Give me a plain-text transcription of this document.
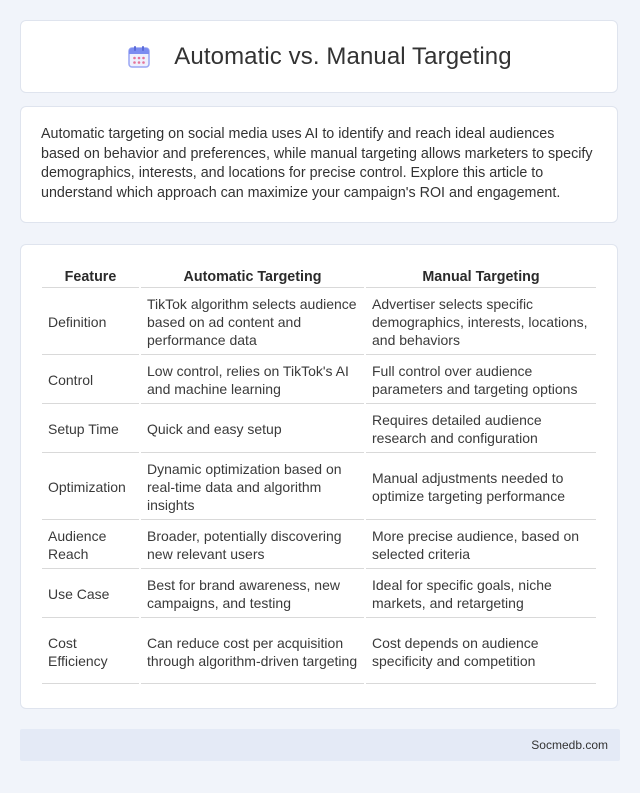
Automatic vs. Manual Targeting

Automatic targeting on social media uses AI to identify and reach ideal audiences based on behavior and preferences, while manual targeting allows marketers to specify demographics, interests, and locations for precise control. Explore this article to understand which approach can maximize your campaign's ROI and engagement.

Feature	Automatic Targeting	Manual Targeting
Definition	TikTok algorithm selects audience based on ad content and performance data	Advertiser selects specific demographics, interests, locations, and behaviors
Control	Low control, relies on TikTok's AI and machine learning	Full control over audience parameters and targeting options
Setup Time	Quick and easy setup	Requires detailed audience research and configuration
Optimization	Dynamic optimization based on real-time data and algorithm insights	Manual adjustments needed to optimize targeting performance
Audience Reach	Broader, potentially discovering new relevant users	More precise audience, based on selected criteria
Use Case	Best for brand awareness, new campaigns, and testing	Ideal for specific goals, niche markets, and retargeting
Cost Efficiency	Can reduce cost per acquisition through algorithm-driven targeting	Cost depends on audience specificity and competition
Socmedb.com
